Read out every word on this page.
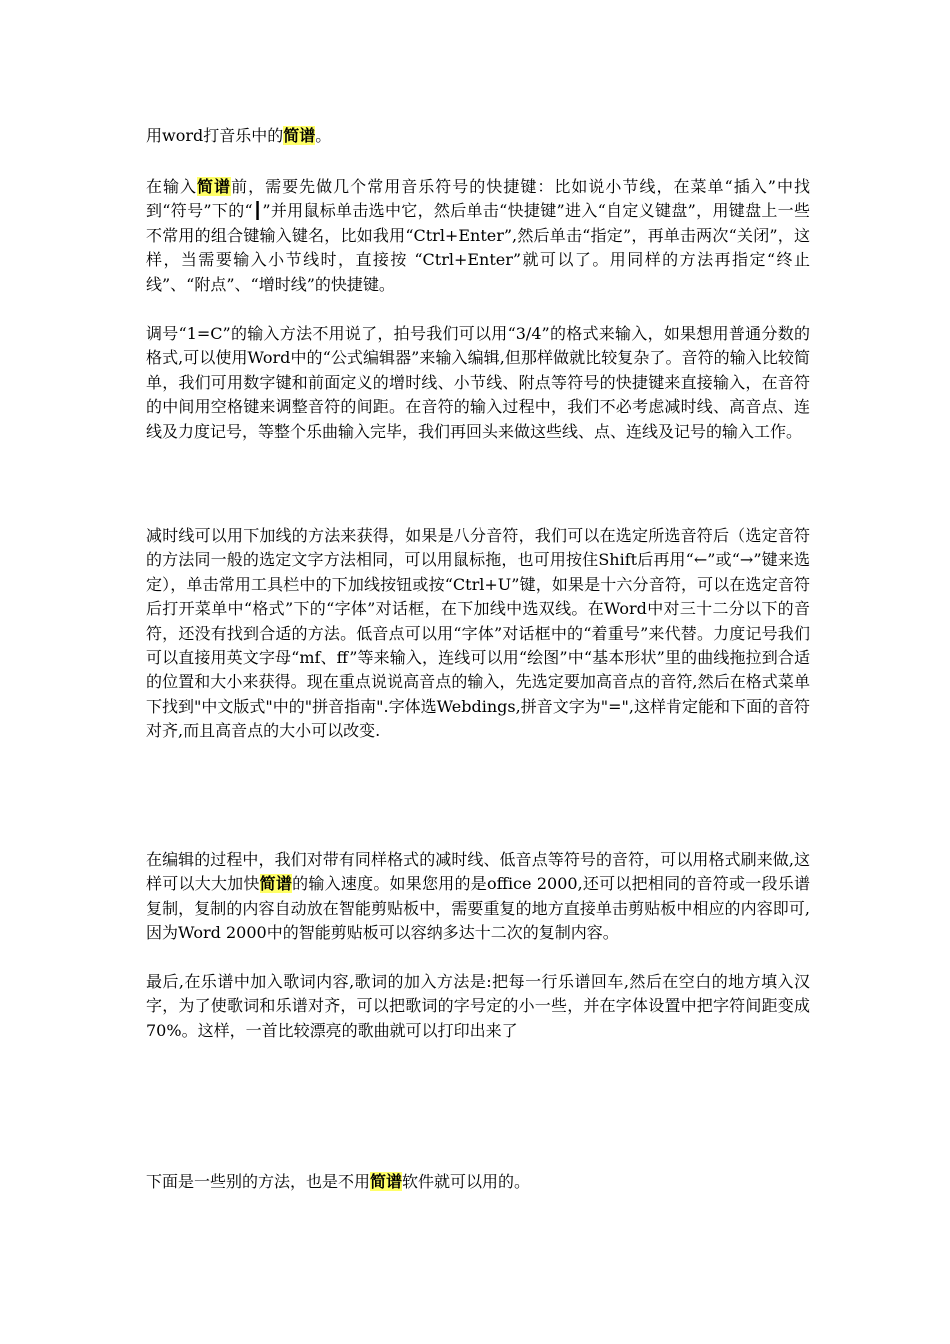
用word打音乐中的简谱。

在输入简谱前，需要先做几个常用音乐符号的快捷键：比如说小节线，在菜单“插入”中找到“符号”下的“┃”并用鼠标单击选中它，然后单击“快捷键”进入“自定义键盘”，用键盘上一些不常用的组合键输入键名，比如我用“Ctrl+Enter”,然后单击“指定”，再单击两次“关闭”，这样，当需要输入小节线时，直接按 “Ctrl+Enter”就可以了。用同样的方法再指定“终止线”、“附点”、“增时线”的快捷键。

调号“1=C”的输入方法不用说了，拍号我们可以用“3/4”的格式来输入，如果想用普通分数的格式,可以使用Word中的“公式编辑器”来输入编辑,但那样做就比较复杂了。音符的输入比较简单，我们可用数字键和前面定义的增时线、小节线、附点等符号的快捷键来直接输入，在音符的中间用空格键来调整音符的间距。在音符的输入过程中，我们不必考虑减时线、高音点、连线及力度记号，等整个乐曲输入完毕，我们再回头来做这些线、点、连线及记号的输入工作。

减时线可以用下加线的方法来获得，如果是八分音符，我们可以在选定所选音符后（选定音符的方法同一般的选定文字方法相同，可以用鼠标拖，也可用按住Shift后再用“←”或“→”键来选定），单击常用工具栏中的下加线按钮或按“Ctrl+U”键，如果是十六分音符，可以在选定音符后打开菜单中“格式”下的“字体”对话框，在下加线中选双线。在Word中对三十二分以下的音符，还没有找到合适的方法。低音点可以用“字体”对话框中的“着重号”来代替。力度记号我们可以直接用英文字母“mf、ff”等来输入，连线可以用“绘图”中“基本形状”里的曲线拖拉到合适的位置和大小来获得。现在重点说说高音点的输入，先选定要加高音点的音符,然后在格式菜单下找到"中文版式"中的"拼音指南".字体选Webdings,拼音文字为"=",这样肯定能和下面的音符对齐,而且高音点的大小可以改变.

在编辑的过程中，我们对带有同样格式的减时线、低音点等符号的音符，可以用格式刷来做,这样可以大大加快简谱的输入速度。如果您用的是office 2000,还可以把相同的音符或一段乐谱复制，复制的内容自动放在智能剪贴板中，需要重复的地方直接单击剪贴板中相应的内容即可,因为Word 2000中的智能剪贴板可以容纳多达十二次的复制内容。

最后,在乐谱中加入歌词内容,歌词的加入方法是:把每一行乐谱回车,然后在空白的地方填入汉字，为了使歌词和乐谱对齐，可以把歌词的字号定的小一些，并在字体设置中把字符间距变成70%。这样，一首比较漂亮的歌曲就可以打印出来了

下面是一些别的方法，也是不用简谱软件就可以用的。
